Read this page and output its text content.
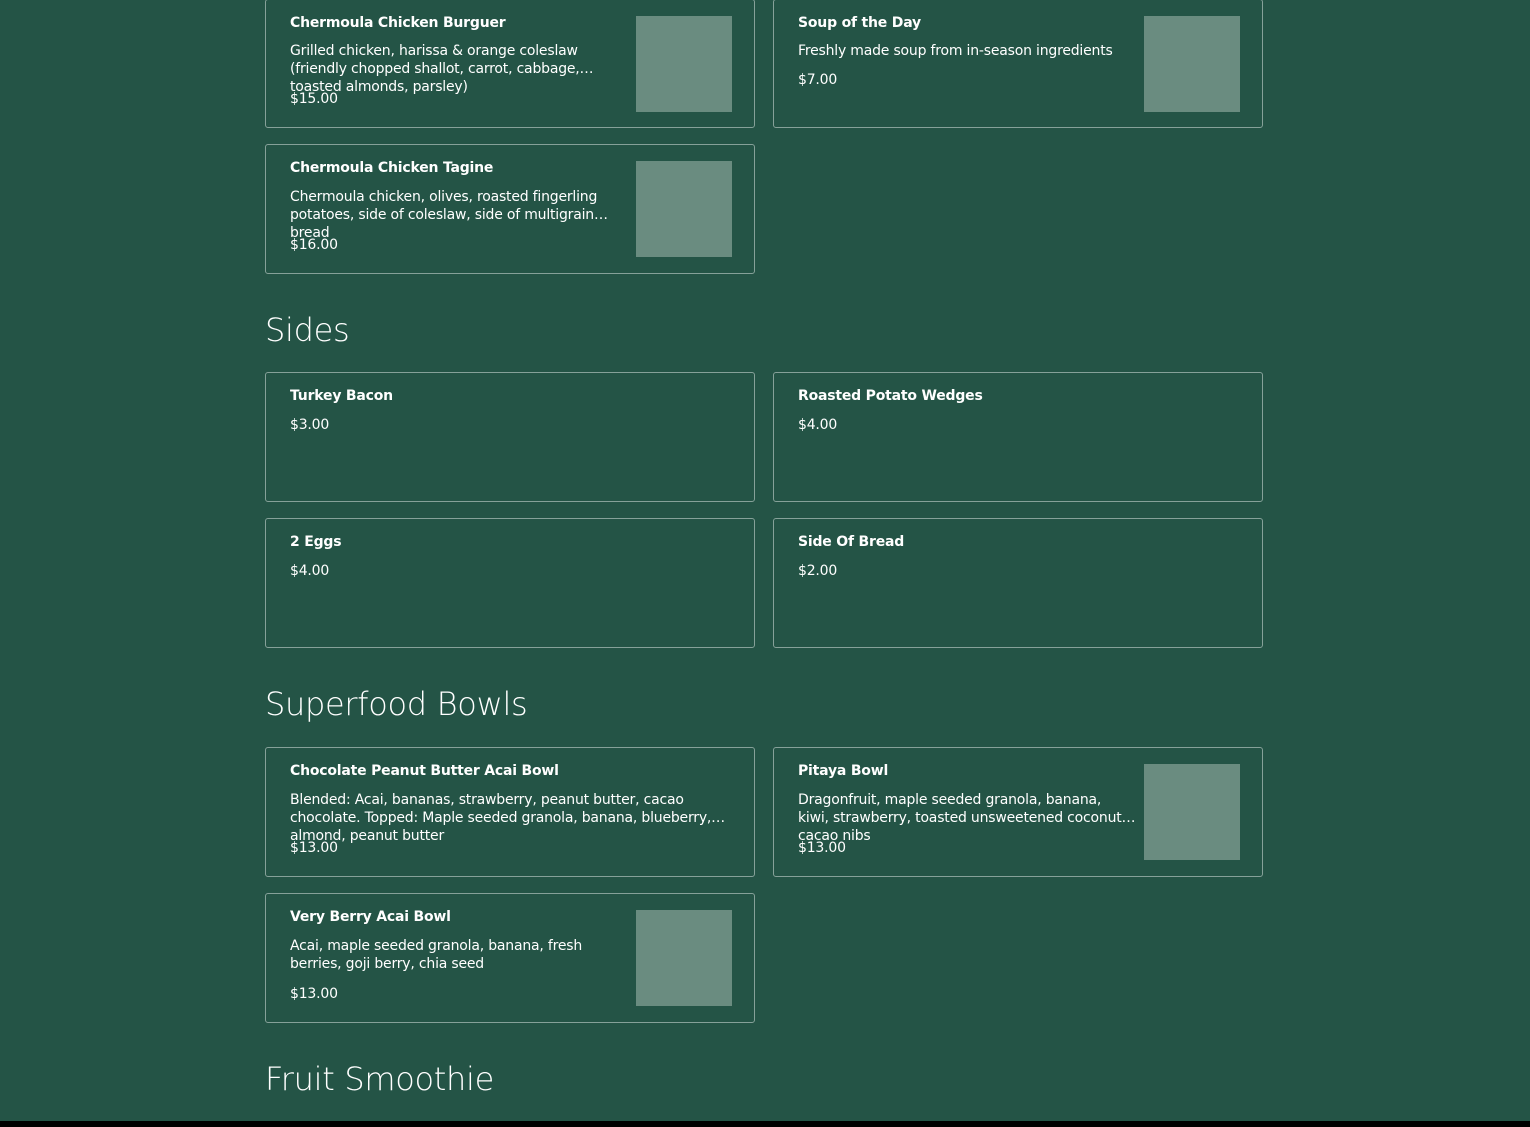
Chermoula Chicken Burguer
Grilled chicken, harissa & orange coleslaw (friendly chopped shallot, carrot, cabbage, toasted almonds, parsley)
$15.00
Soup of the Day
Freshly made soup from in-season ingredients
$7.00
Chermoula Chicken Tagine
Chermoula chicken, olives, roasted fingerling potatoes, side of coleslaw, side of multigrain bread
$16.00
Sides
Turkey Bacon
$3.00
Roasted Potato Wedges
$4.00
2 Eggs
$4.00
Side Of Bread
$2.00
Superfood Bowls
Chocolate Peanut Butter Acai Bowl
Blended: Acai, bananas, strawberry, peanut butter, cacao chocolate. Topped: Maple seeded granola, banana, blueberry, almond, peanut butter
$13.00
Pitaya Bowl
Dragonfruit, maple seeded granola, banana, kiwi, strawberry, toasted unsweetened coconut, cacao nibs
$13.00
Very Berry Acai Bowl
Acai, maple seeded granola, banana, fresh berries, goji berry, chia seed
$13.00
Fruit Smoothie
